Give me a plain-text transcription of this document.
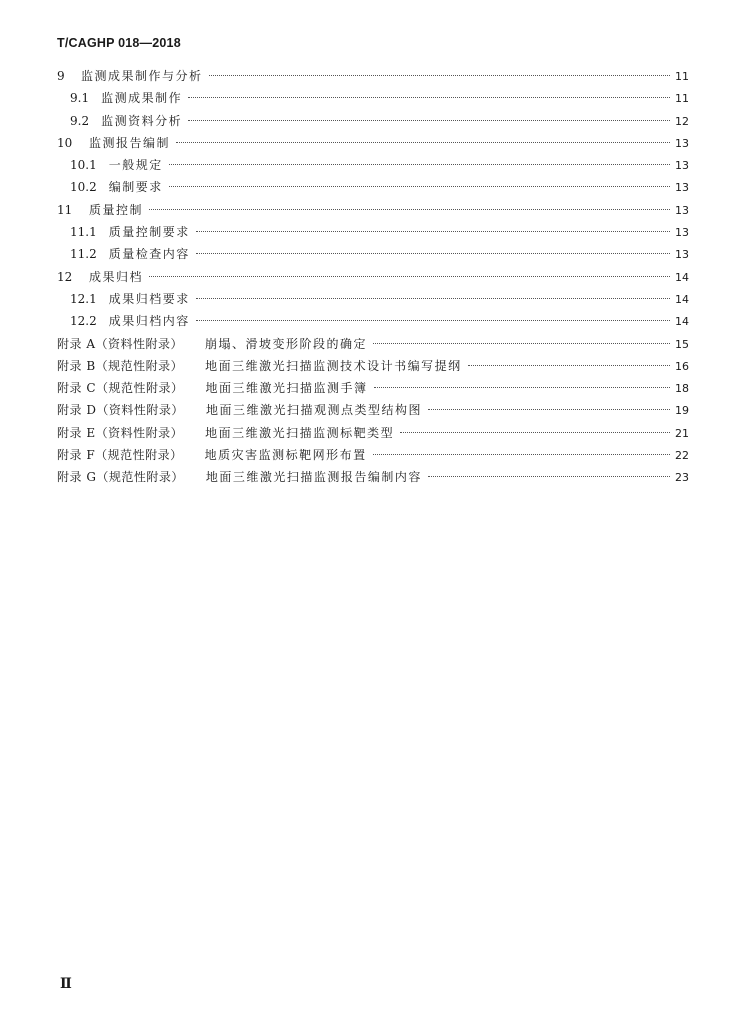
T/CAGHP 018—2018
9	监测成果制作与分析	11
9.1 监测成果制作	11
9.2 监测资料分析	12
10	监测报告编制	13
10.1 一般规定	13
10.2 编制要求	13
11	质量控制	13
11.1 质量控制要求	13
11.2 质量检查内容	13
12	成果归档	14
12.1 成果归档要求	14
12.2 成果归档内容	14
附录 A（资料性附录） 崩塌、滑坡变形阶段的确定	15
附录 B（规范性附录） 地面三维激光扫描监测技术设计书编写提纲	16
附录 C（规范性附录） 地面三维激光扫描监测手簿	18
附录 D（资料性附录） 地面三维激光扫描观测点类型结构图	19
附录 E（资料性附录） 地面三维激光扫描监测标靶类型	21
附录 F（规范性附录） 地质灾害监测标靶网形布置	22
附录 G（规范性附录） 地面三维激光扫描监测报告编制内容	23
Ⅱ
